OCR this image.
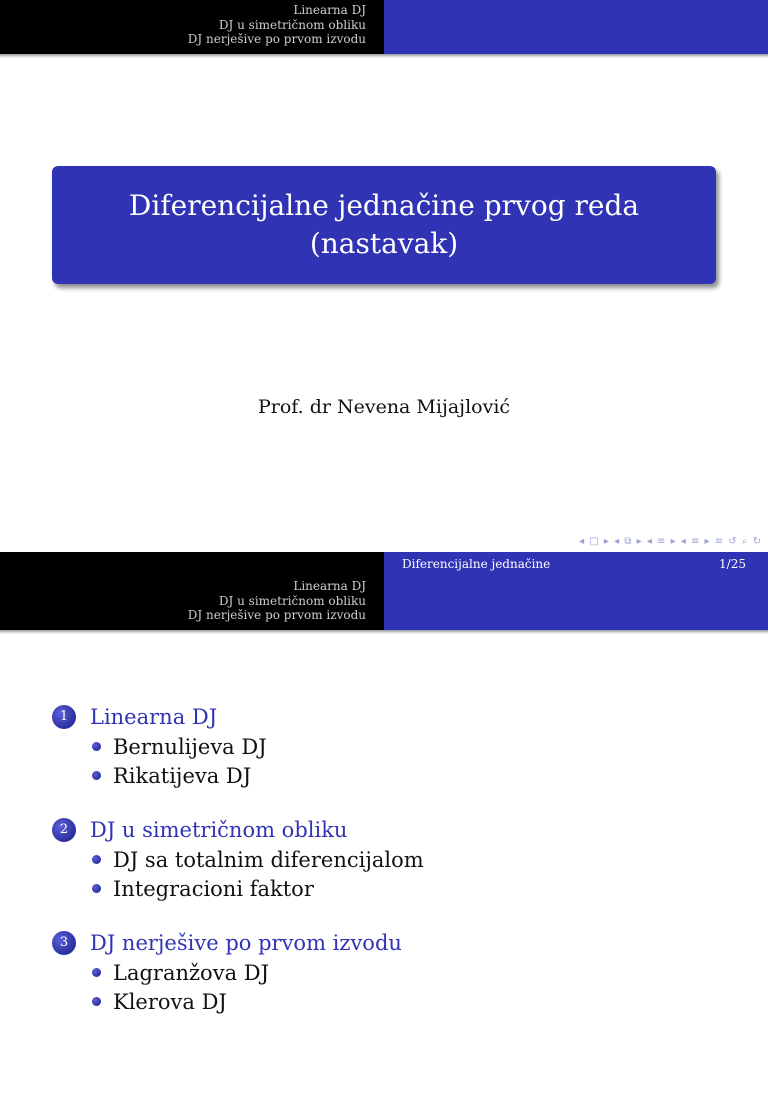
Linearna DJ
DJ u simetričnom obliku
DJ nerješive po prvom izvodu
Diferencijalne jednačine prvog reda (nastavak)
Prof. dr Nevena Mijajlović
◂ □ ▸ ◂ ⧉ ▸ ◂ ≡ ▸ ◂ ≡ ▸ ≡ ↺ ⌕ ↻
Diferencijalne jednačine	1/25
Linearna DJ
DJ u simetričnom obliku
DJ nerješive po prvom izvodu
1	Linearna DJ
Bernulijeva DJ
Rikatijeva DJ
2	DJ u simetričnom obliku
DJ sa totalnim diferencijalom
Integracioni faktor
3	DJ nerješive po prvom izvodu
Lagranžova DJ
Klerova DJ
